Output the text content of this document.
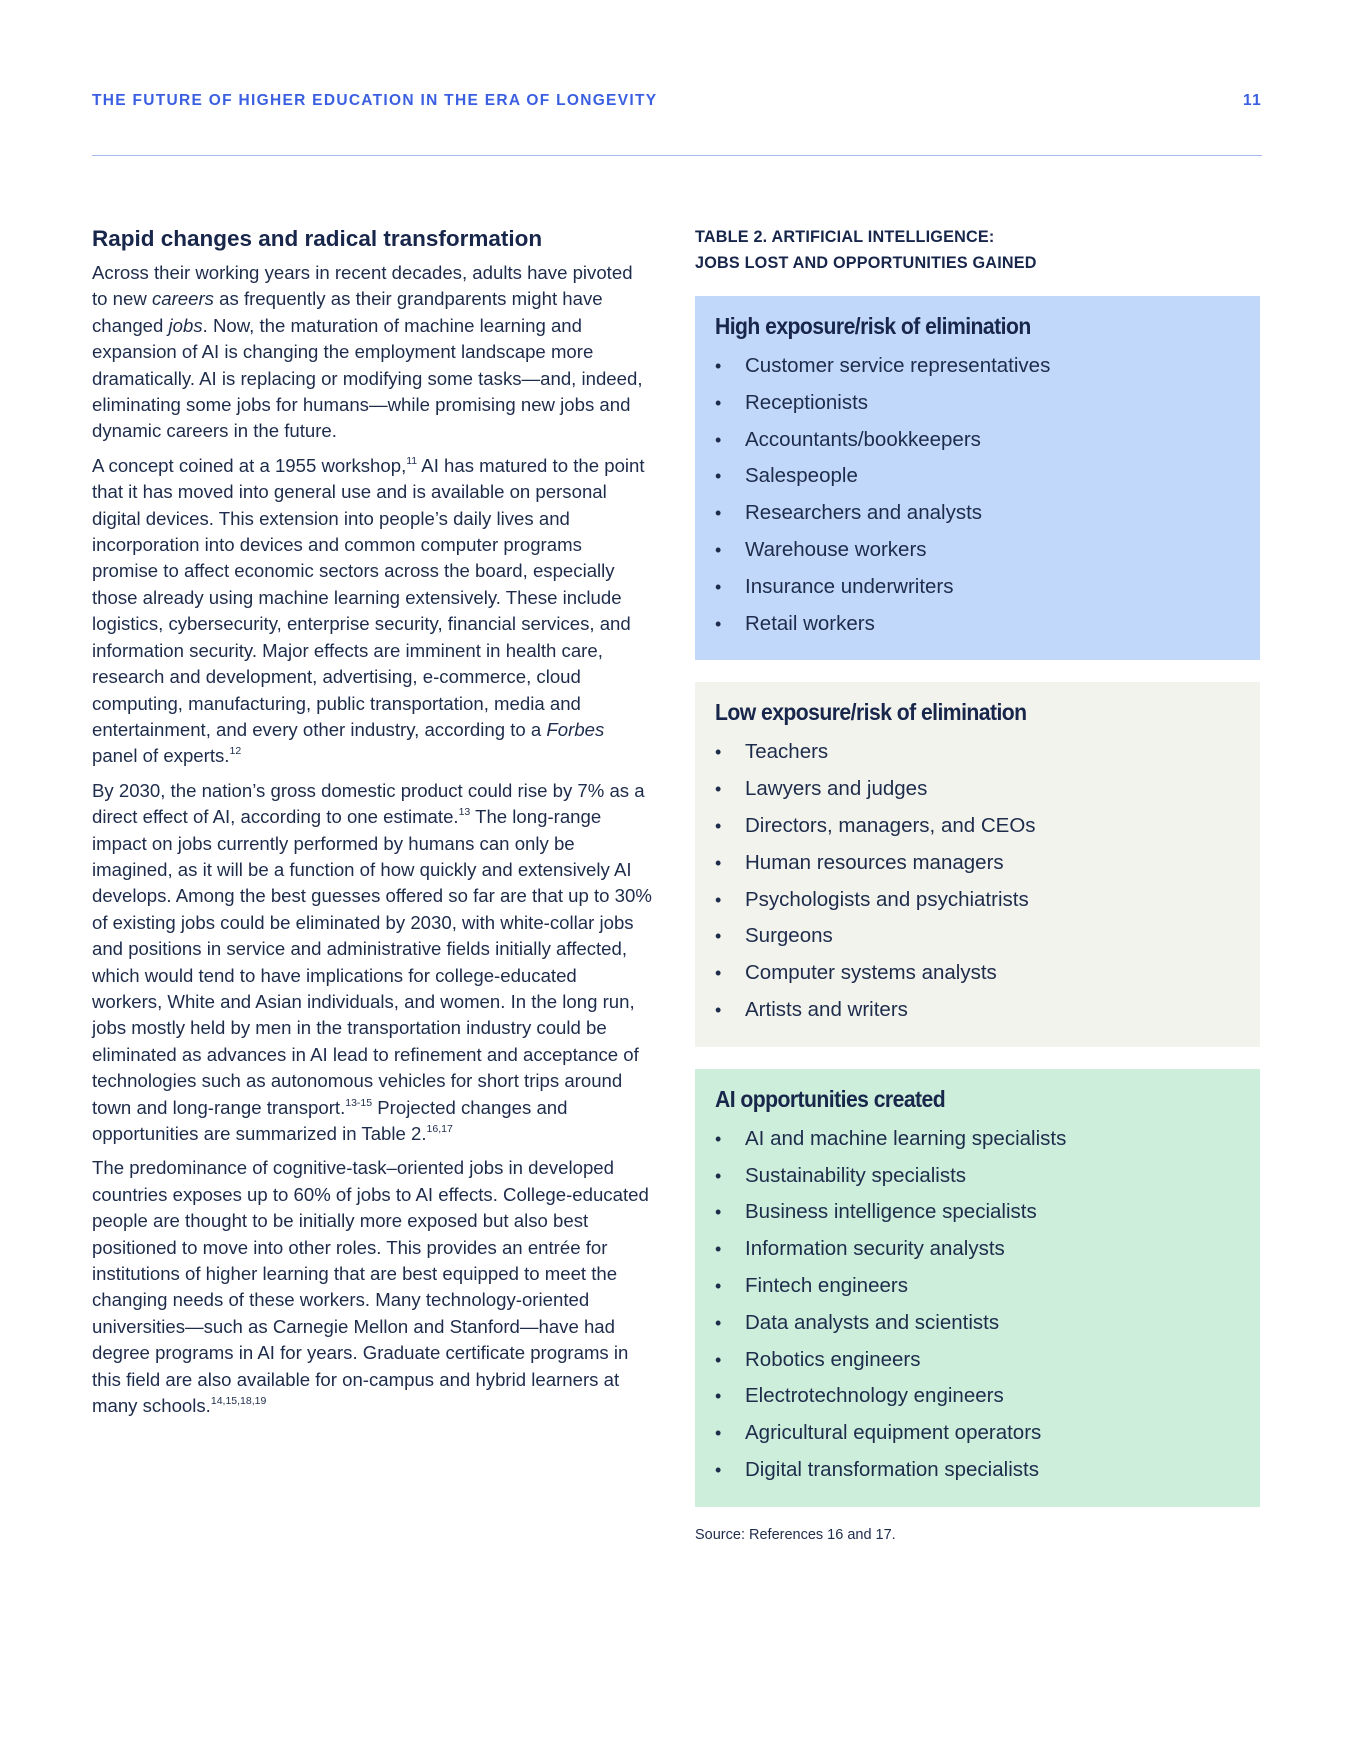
THE FUTURE OF HIGHER EDUCATION IN THE ERA OF LONGEVITY	11
Rapid changes and radical transformation

Across their working years in recent decades, adults have pivoted to new careers as frequently as their grandparents might have changed jobs. Now, the maturation of machine learning and expansion of AI is changing the employment landscape more dramatically. AI is replacing or modifying some tasks—and, indeed, eliminating some jobs for humans—while promising new jobs and dynamic careers in the future.

A concept coined at a 1955 workshop,$^{11}$ AI has matured to the point that it has moved into general use and is available on personal digital devices. This extension into people’s daily lives and incorporation into devices and common computer programs promise to affect economic sectors across the board, especially those already using machine learning extensively. These include logistics, cybersecurity, enterprise security, financial services, and information security. Major effects are imminent in health care, research and development, advertising, e-commerce, cloud computing, manufacturing, public transportation, media and entertainment, and every other industry, according to a Forbes panel of experts.$^{12}$

By 2030, the nation’s gross domestic product could rise by 7% as a direct effect of AI, according to one estimate.$^{13}$ The long-range impact on jobs currently performed by humans can only be imagined, as it will be a function of how quickly and extensively AI develops. Among the best guesses offered so far are that up to 30% of existing jobs could be eliminated by 2030, with white-collar jobs and positions in service and administrative fields initially affected, which would tend to have implications for college-educated workers, White and Asian individuals, and women. In the long run, jobs mostly held by men in the transportation industry could be eliminated as advances in AI lead to refinement and acceptance of technologies such as autonomous vehicles for short trips around town and long-range transport.$^{13-15}$ Projected changes and opportunities are summarized in Table 2.$^{16,17}$

The predominance of cognitive-task–oriented jobs in developed countries exposes up to 60% of jobs to AI effects. College-educated people are thought to be initially more exposed but also best positioned to move into other roles. This provides an entrée for institutions of higher learning that are best equipped to meet the changing needs of these workers. Many technology-oriented universities—such as Carnegie Mellon and Stanford—have had degree programs in AI for years. Graduate certificate programs in this field are also available for on-campus and hybrid learners at many schools.$^{14,15,18,19}$

TABLE 2. ARTIFICIAL INTELLIGENCE:
JOBS LOST AND OPPORTUNITIES GAINED
High exposure/risk of elimination
• Customer service representatives
• Receptionists
• Accountants/bookkeepers
• Salespeople
• Researchers and analysts
• Warehouse workers
• Insurance underwriters
• Retail workers
Low exposure/risk of elimination
• Teachers
• Lawyers and judges
• Directors, managers, and CEOs
• Human resources managers
• Psychologists and psychiatrists
• Surgeons
• Computer systems analysts
• Artists and writers
AI opportunities created
• AI and machine learning specialists
• Sustainability specialists
• Business intelligence specialists
• Information security analysts
• Fintech engineers
• Data analysts and scientists
• Robotics engineers
• Electrotechnology engineers
• Agricultural equipment operators
• Digital transformation specialists
Source: References 16 and 17.
